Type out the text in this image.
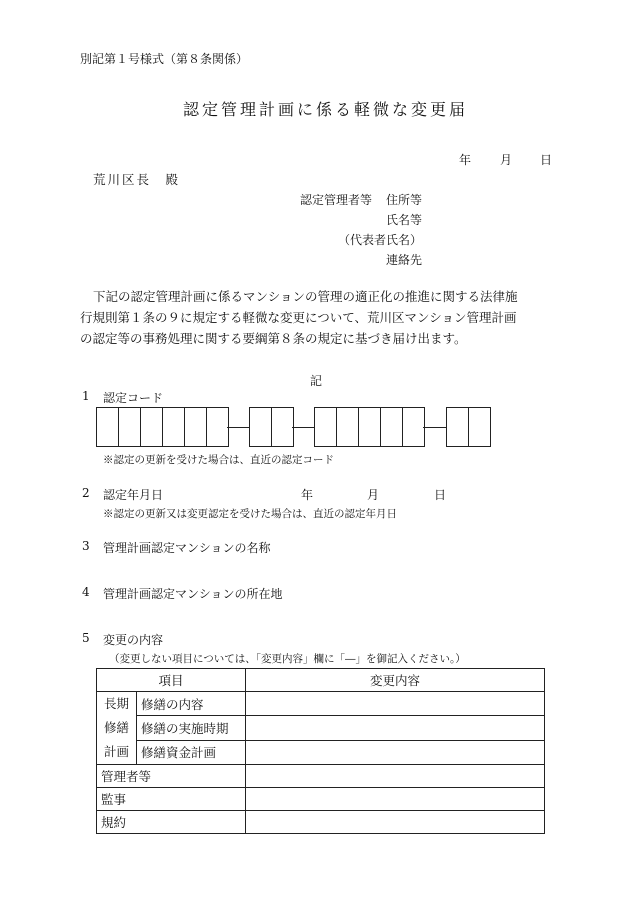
別記第１号様式（第８条関係）
認定管理計画に係る軽微な変更届
年 月 日
荒川区長　殿
認定管理者等 住所等
氏名等
（代表者氏名）
連絡先
下記の認定管理計画に係るマンションの管理の適正化の推進に関する法律施
行規則第１条の９に規定する軽微な変更について、荒川区マンション管理計画
の認定等の事務処理に関する要綱第８条の規定に基づき届け出ます。
記
1 認定コード
※認定の更新を受けた場合は、直近の認定コード
2 認定年月日	年	月	日
※認定の更新又は変更認定を受けた場合は、直近の認定年月日
3 管理計画認定マンションの名称
4 管理計画認定マンションの所在地
5 変更の内容
（変更しない項目については、「変更内容」欄に「―」を御記入ください。）
項目		変更内容

長期
修繕
計画	修繕の内容	
	修繕の実施時期	
	修繕資金計画	
管理者等		
監事		
規約		
